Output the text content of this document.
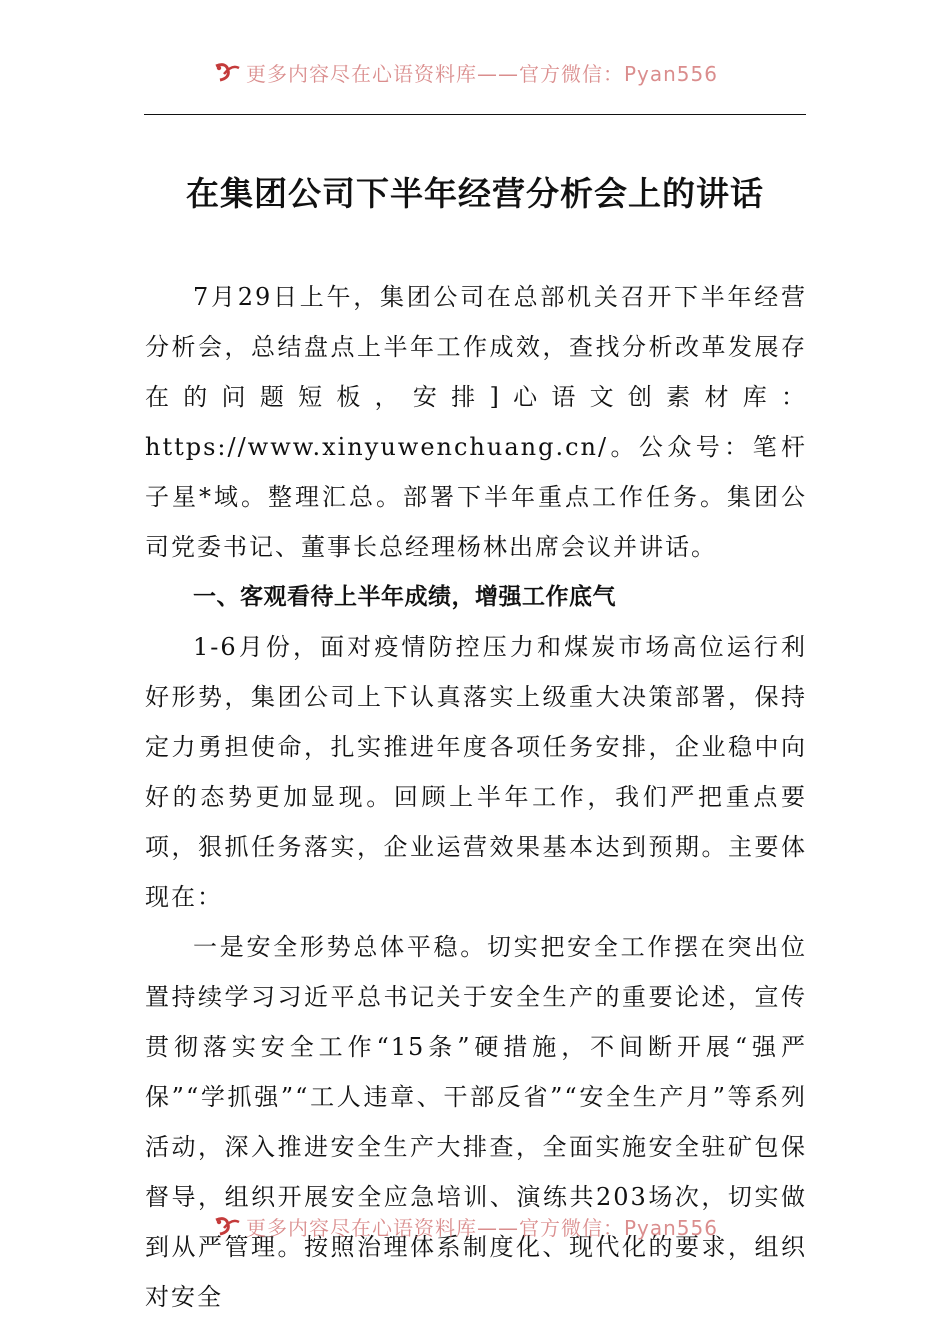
更多内容尽在心语资料库——官方微信：Pyan556
在集团公司下半年经营分析会上的讲话

7月29日上午，集团公司在总部机关召开下半年经营分析会，总结盘点上半年工作成效，查找分析改革发展存在的问题短板，安排]心语文创素材库：https://www.xinyuwenchuang.cn/。公众号：笔杆子星*域。整理汇总。部署下半年重点工作任务。集团公司党委书记、董事长总经理杨林出席会议并讲话。

一、客观看待上半年成绩，增强工作底气

1-6月份，面对疫情防控压力和煤炭市场高位运行利好形势，集团公司上下认真落实上级重大决策部署，保持定力勇担使命，扎实推进年度各项任务安排，企业稳中向好的态势更加显现。回顾上半年工作，我们严把重点要项，狠抓任务落实，企业运营效果基本达到预期。主要体现在：

一是安全形势总体平稳。切实把安全工作摆在突出位置持续学习习近平总书记关于安全生产的重要论述，宣传贯彻落实安全工作“15条”硬措施，不间断开展“强严保”“学抓强”“工人违章、干部反省”“安全生产月”等系列活动，深入推进安全生产大排查，全面实施安全驻矿包保督导，组织开展安全应急培训、演练共203场次，切实做到从严管理。按照治理体系制度化、现代化的要求，组织对安全

更多内容尽在心语资料库——官方微信：Pyan556
